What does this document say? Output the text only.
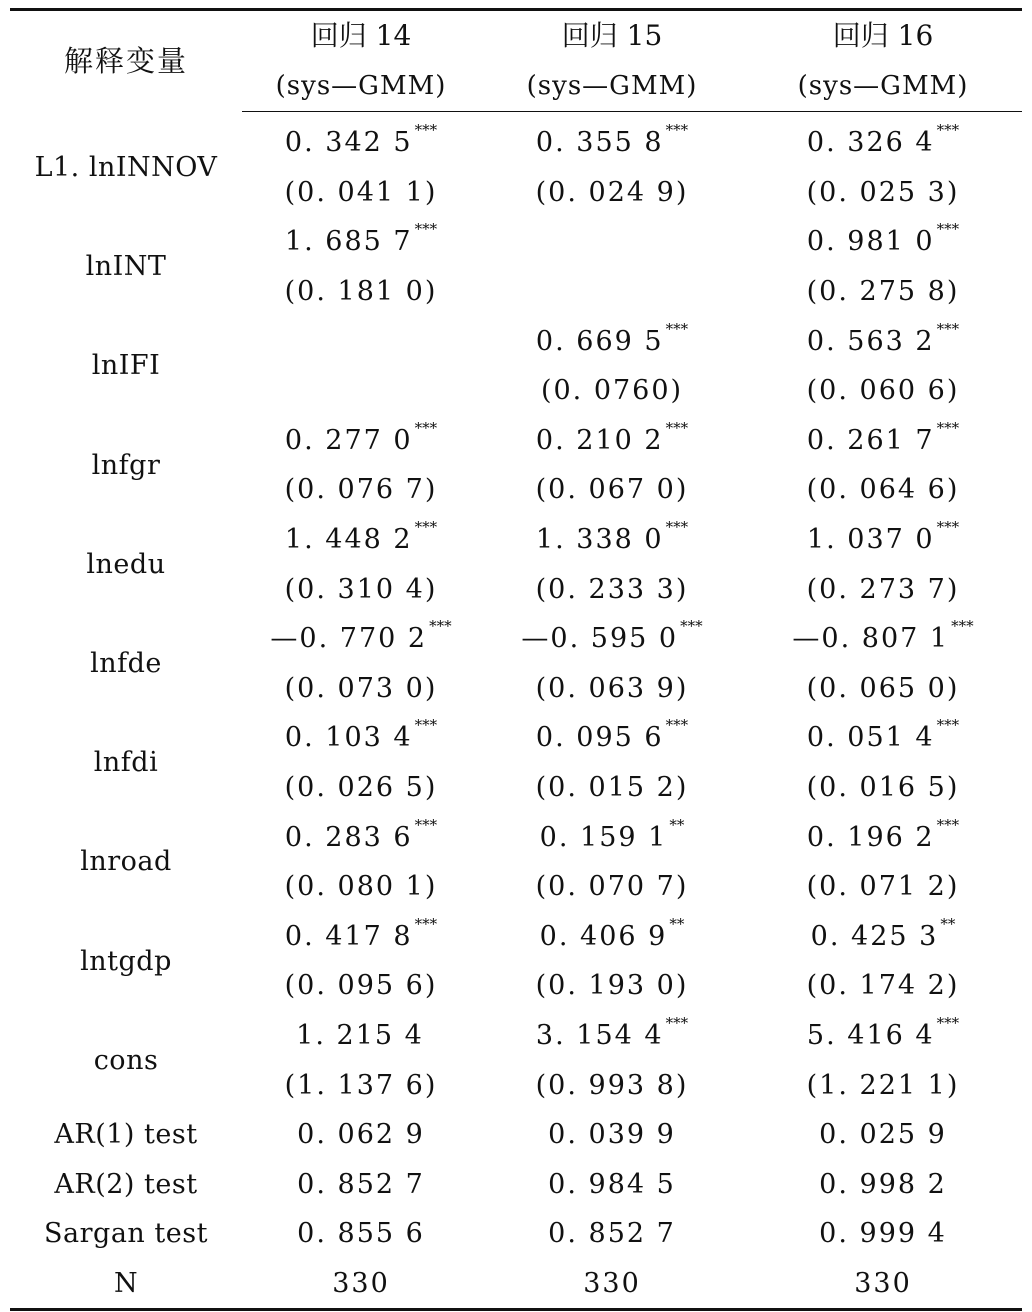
解释变量	回归 14	回归 15	回归 16
	(sys—GMM)	(sys—GMM)	(sys—GMM)
L1. lnINNOV	0. 342 5 ***	0. 355 8 ***	0. 326 4 ***
	(0. 041 1)	(0. 024 9)	(0. 025 3)
lnINT	1. 685 7 ***		0. 981 0 ***
	(0. 181 0)		(0. 275 8)
lnIFI		0. 669 5 ***	0. 563 2 ***
		(0. 0760)	(0. 060 6)
lnfgr	0. 277 0 ***	0. 210 2 ***	0. 261 7 ***
	(0. 076 7)	(0. 067 0)	(0. 064 6)
lnedu	1. 448 2 ***	1. 338 0 ***	1. 037 0 ***
	(0. 310 4)	(0. 233 3)	(0. 273 7)
lnfde	—0. 770 2 ***	—0. 595 0 ***	—0. 807 1 ***
	(0. 073 0)	(0. 063 9)	(0. 065 0)
lnfdi	0. 103 4 ***	0. 095 6 ***	0. 051 4 ***
	(0. 026 5)	(0. 015 2)	(0. 016 5)
lnroad	0. 283 6 ***	0. 159 1 **	0. 196 2 ***
	(0. 080 1)	(0. 070 7)	(0. 071 2)
lntgdp	0. 417 8 ***	0. 406 9 **	0. 425 3 **
	(0. 095 6)	(0. 193 0)	(0. 174 2)
cons	1. 215 4	3. 154 4 ***	5. 416 4 ***
	(1. 137 6)	(0. 993 8)	(1. 221 1)
AR(1) test	0. 062 9	0. 039 9	0. 025 9
AR(2) test	0. 852 7	0. 984 5	0. 998 2
Sargan test	0. 855 6	0. 852 7	0. 999 4
N	330	330	330
